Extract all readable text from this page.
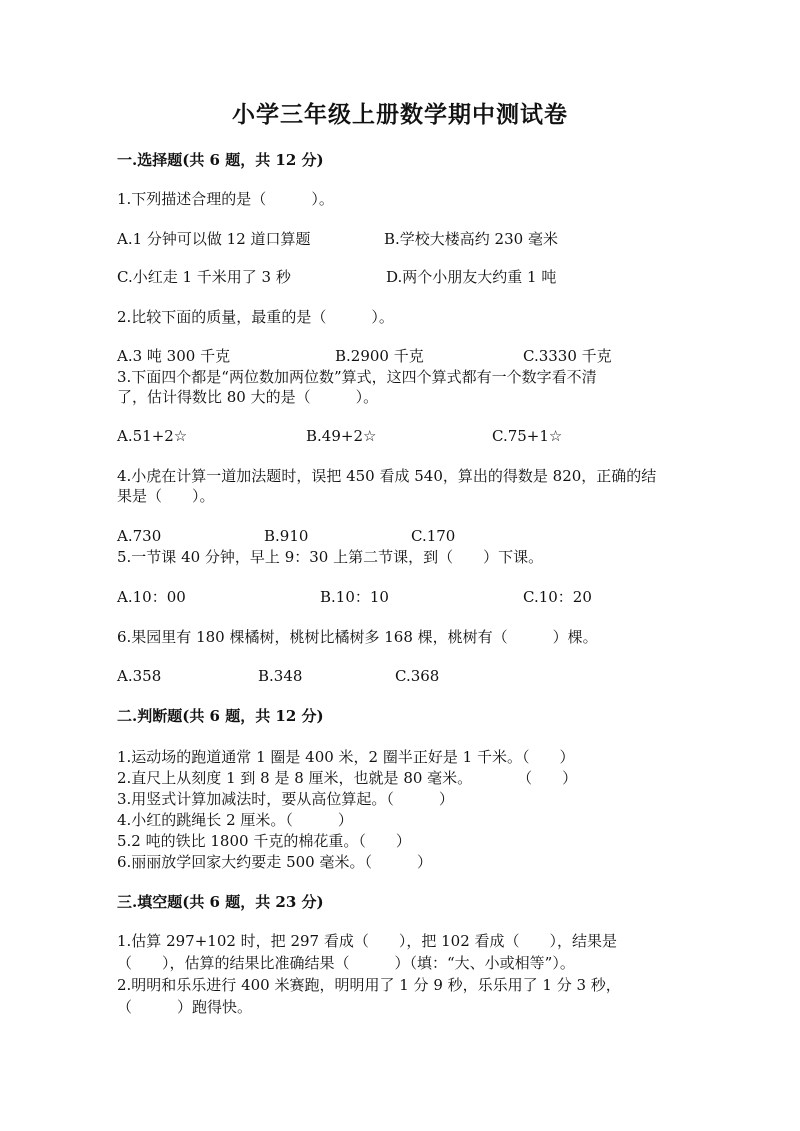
小学三年级上册数学期中测试卷
一.选择题(共 6 题，共 12 分)
1.下列描述合理的是（　　　）。
A.1 分钟可以做 12 道口算题	B.学校大楼高约 230 毫米
C.小红走 1 千米用了 3 秒	D.两个小朋友大约重 1 吨
2.比较下面的质量，最重的是（　　　）。
A.3 吨 300 千克	B.2900 千克	C.3330 千克
3.下面四个都是“两位数加两位数”算式，这四个算式都有一个数字看不清
了，估计得数比 80 大的是（　　　）。
A.51+2☆	B.49+2☆	C.75+1☆
4.小虎在计算一道加法题时，误把 450 看成 540，算出的得数是 820，正确的结
果是（　　）。
A.730	B.910	C.170
5.一节课 40 分钟，早上 9：30 上第二节课，到（　　）下课。
A.10：00	B.10：10	C.10：20
6.果园里有 180 棵橘树，桃树比橘树多 168 棵，桃树有（　　　）棵。
A.358	B.348	C.368
二.判断题(共 6 题，共 12 分)
1.运动场的跑道通常 1 圈是 400 米，2 圈半正好是 1 千米。（　　）
2.直尺上从刻度 1 到 8 是 8 厘米，也就是 80 毫米。　　　　（　　）
3.用竖式计算加减法时，要从高位算起。（　　　）
4.小红的跳绳长 2 厘米。（　　　）
5.2 吨的铁比 1800 千克的棉花重。（　　）
6.丽丽放学回家大约要走 500 毫米。（　　　）
三.填空题(共 6 题，共 23 分)
1.估算 297+102 时，把 297 看成（　　），把 102 看成（　　），结果是
（　　），估算的结果比准确结果（　　　）（填：“大、小或相等”）。
2.明明和乐乐进行 400 米赛跑，明明用了 1 分 9 秒，乐乐用了 1 分 3 秒，
（　　　）跑得快。
